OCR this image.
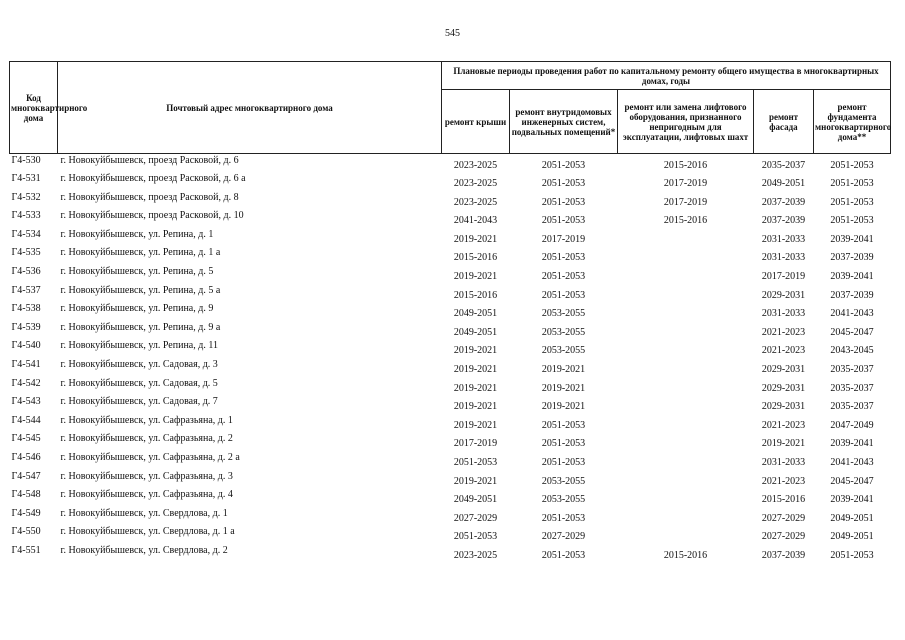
545
Код многоквартирного дома	Почтовый адрес многоквартирного дома	Плановые периоды проведения работ по капитальному ремонту общего имущества в многоквартирных домах, годы				
		ремонт крыши	ремонт внутридомовых инженерных систем, подвальных помещений*	ремонт или замена лифтового оборудования, признанного непригодным для эксплуатации, лифтовых шахт	ремонт фасада	ремонт фундамента многоквартирного дома**
Г4-530	г. Новокуйбышевск, проезд Расковой, д. 6	2023-2025	2051-2053	2015-2016	2035-2037	2051-2053
Г4-531	г. Новокуйбышевск, проезд Расковой, д. 6 а	2023-2025	2051-2053	2017-2019	2049-2051	2051-2053
Г4-532	г. Новокуйбышевск, проезд Расковой, д. 8	2023-2025	2051-2053	2017-2019	2037-2039	2051-2053
Г4-533	г. Новокуйбышевск, проезд Расковой, д. 10	2041-2043	2051-2053	2015-2016	2037-2039	2051-2053
Г4-534	г. Новокуйбышевск, ул. Репина, д. 1	2019-2021	2017-2019		2031-2033	2039-2041
Г4-535	г. Новокуйбышевск, ул. Репина, д. 1 а	2015-2016	2051-2053		2031-2033	2037-2039
Г4-536	г. Новокуйбышевск, ул. Репина, д. 5	2019-2021	2051-2053		2017-2019	2039-2041
Г4-537	г. Новокуйбышевск, ул. Репина, д. 5 а	2015-2016	2051-2053		2029-2031	2037-2039
Г4-538	г. Новокуйбышевск, ул. Репина, д. 9	2049-2051	2053-2055		2031-2033	2041-2043
Г4-539	г. Новокуйбышевск, ул. Репина, д. 9 а	2049-2051	2053-2055		2021-2023	2045-2047
Г4-540	г. Новокуйбышевск, ул. Репина, д. 11	2019-2021	2053-2055		2021-2023	2043-2045
Г4-541	г. Новокуйбышевск, ул. Садовая, д. 3	2019-2021	2019-2021		2029-2031	2035-2037
Г4-542	г. Новокуйбышевск, ул. Садовая, д. 5	2019-2021	2019-2021		2029-2031	2035-2037
Г4-543	г. Новокуйбышевск, ул. Садовая, д. 7	2019-2021	2019-2021		2029-2031	2035-2037
Г4-544	г. Новокуйбышевск, ул. Сафразьяна, д. 1	2019-2021	2051-2053		2021-2023	2047-2049
Г4-545	г. Новокуйбышевск, ул. Сафразьяна, д. 2	2017-2019	2051-2053		2019-2021	2039-2041
Г4-546	г. Новокуйбышевск, ул. Сафразьяна, д. 2 а	2051-2053	2051-2053		2031-2033	2041-2043
Г4-547	г. Новокуйбышевск, ул. Сафразьяна, д. 3	2019-2021	2053-2055		2021-2023	2045-2047
Г4-548	г. Новокуйбышевск, ул. Сафразьяна, д. 4	2049-2051	2053-2055		2015-2016	2039-2041
Г4-549	г. Новокуйбышевск, ул. Свердлова, д. 1	2027-2029	2051-2053		2027-2029	2049-2051
Г4-550	г. Новокуйбышевск, ул. Свердлова, д. 1 а	2051-2053	2027-2029		2027-2029	2049-2051
Г4-551	г. Новокуйбышевск, ул. Свердлова, д. 2	2023-2025	2051-2053	2015-2016	2037-2039	2051-2053
